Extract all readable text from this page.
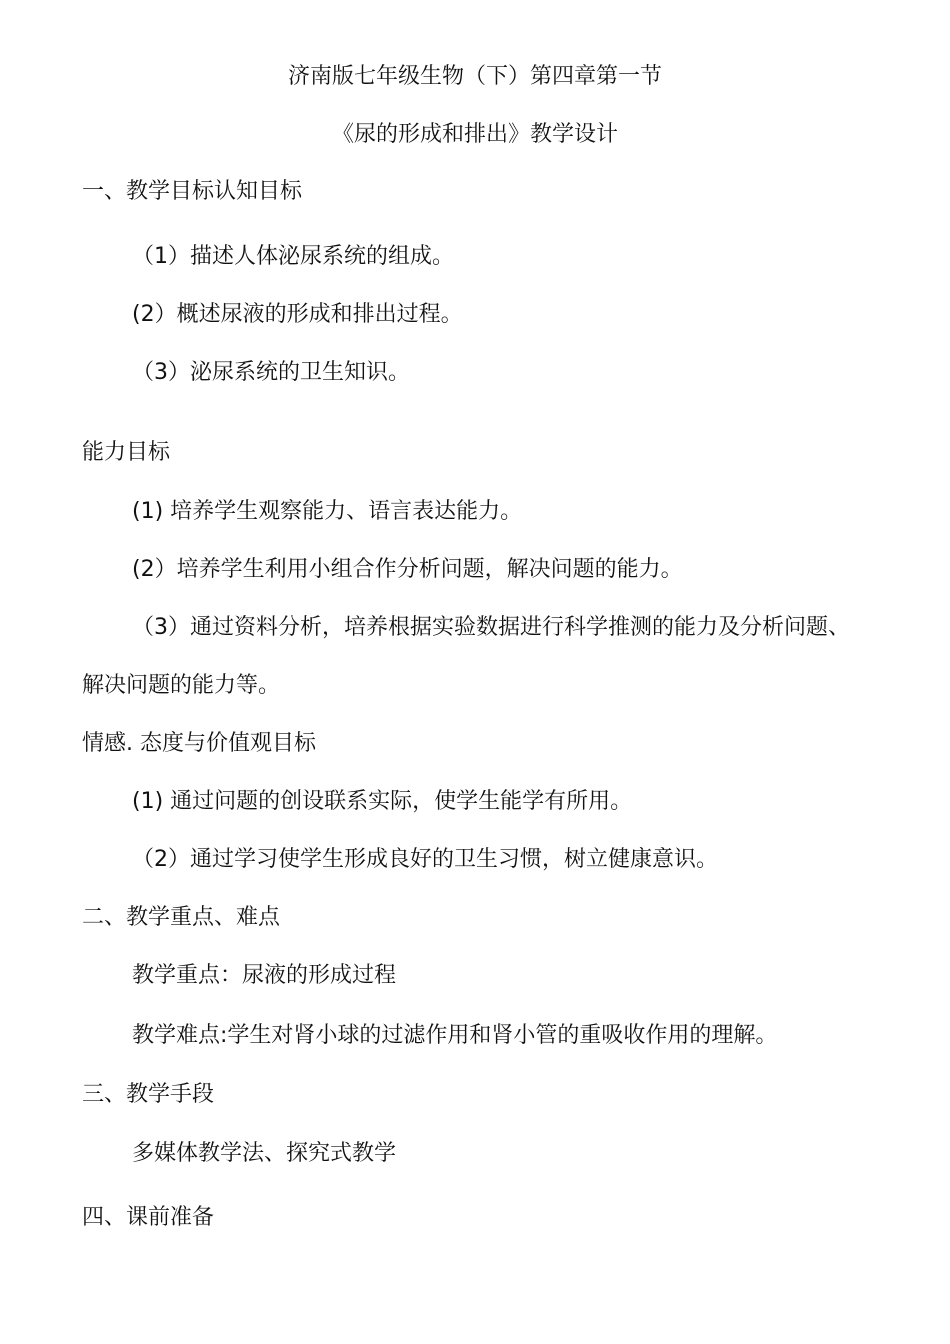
济南版七年级生物（下）第四章第一节
《尿的形成和排出》教学设计
一、教学目标认知目标
（1）描述人体泌尿系统的组成。
(2）概述尿液的形成和排出过程。
（3）泌尿系统的卫生知识。
能力目标
(1) 培养学生观察能力、语言表达能力。
(2）培养学生利用小组合作分析问题，解决问题的能力。
（3）通过资料分析，培养根据实验数据进行科学推测的能力及分析问题、
解决问题的能力等。
情感. 态度与价值观目标
(1) 通过问题的创设联系实际，使学生能学有所用。
（2）通过学习使学生形成良好的卫生习惯，树立健康意识。
二、教学重点、难点
教学重点：尿液的形成过程
教学难点:学生对肾小球的过滤作用和肾小管的重吸收作用的理解。
三、教学手段
多媒体教学法、探究式教学
四、课前准备
